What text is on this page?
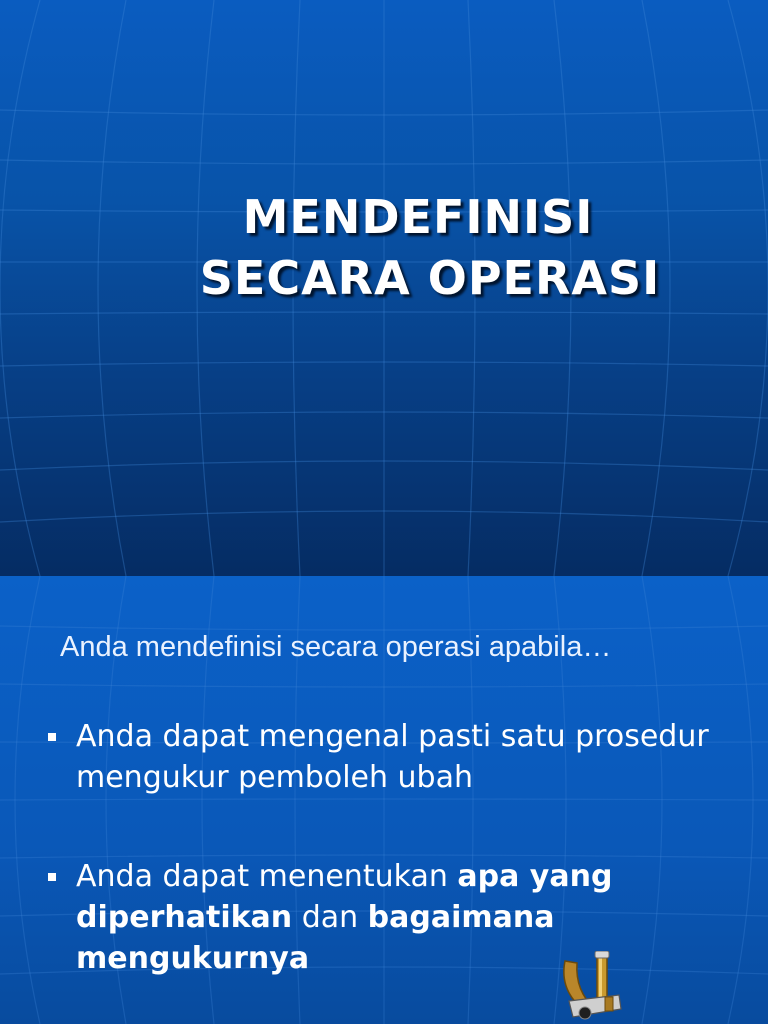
MENDEFINISI
SECARA OPERASI

Anda mendefinisi secara operasi apabila…

Anda dapat mengenal pasti satu prosedur mengukur pemboleh ubah
Anda dapat menentukan apa yang diperhatikan dan bagaimana mengukurnya
